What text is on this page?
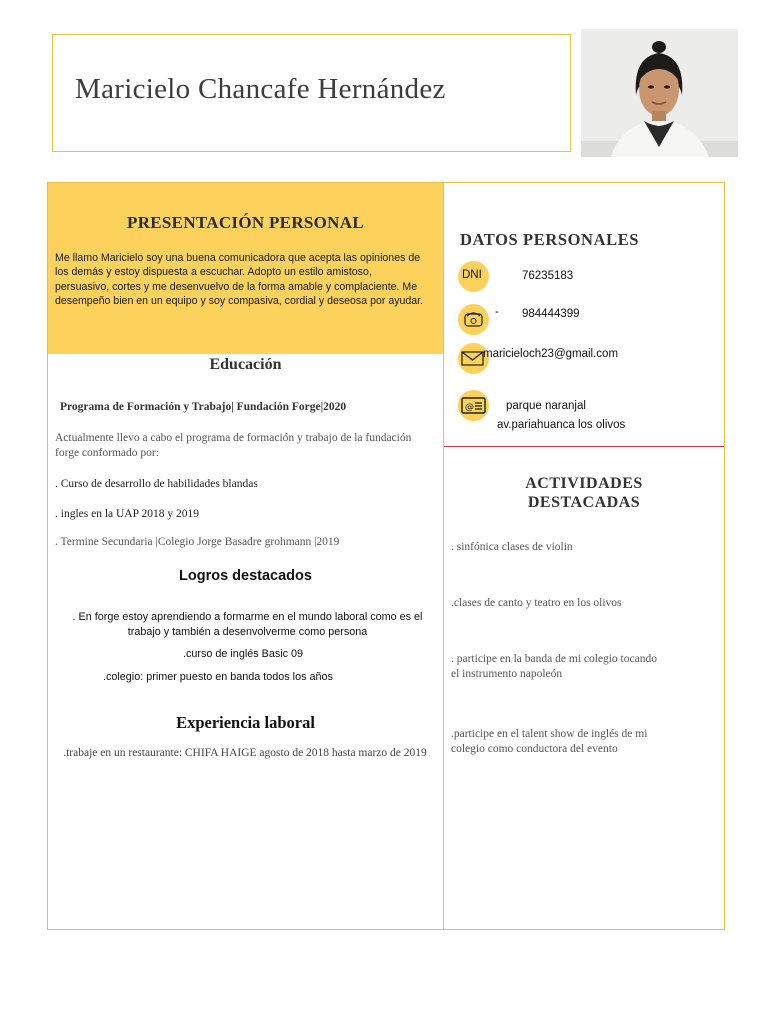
Maricielo Chancafe Hernández
PRESENTACIÓN PERSONAL
Me llamo Maricielo soy una buena comunicadora que acepta las opiniones de los demás y estoy dispuesta a escuchar. Adopto un estilo amistoso, persuasivo, cortes y me desenvuelvo de la forma amable y complaciente. Me desempeño bien en un equipo y soy compasiva, cordial y deseosa por ayudar.
Educación
Programa de Formación y Trabajo| Fundación Forge|2020
Actualmente llevo a cabo el programa de formación y trabajo de la fundación forge conformado por:
. Curso de desarrollo de habilidades blandas
. ingles en la UAP 2018 y 2019
. Termine Secundaria |Colegio Jorge Basadre grohmann |2019
Logros destacados
. En forge estoy aprendiendo a formarme en el mundo laboral como es el trabajo y también a desenvolverme como persona
.curso de inglés Basic 09
.colegio: primer puesto en banda todos los años
Experiencia laboral
.trabaje en un restaurante: CHIFA HAIGE agosto de 2018 hasta marzo de 2019
DATOS PERSONALES
DNI	76235183
- 984444399
maricieloch23@gmail.com
@	parque naranjal
av.pariahuanca los olivos
ACTIVIDADES
DESTACADAS
. sinfónica clases de violin
.clases de canto y teatro en los olivos
. participe en la banda de mi colegio tocando el instrumento napoleón
.participe en el talent show de inglés de mi colegio como conductora del evento
